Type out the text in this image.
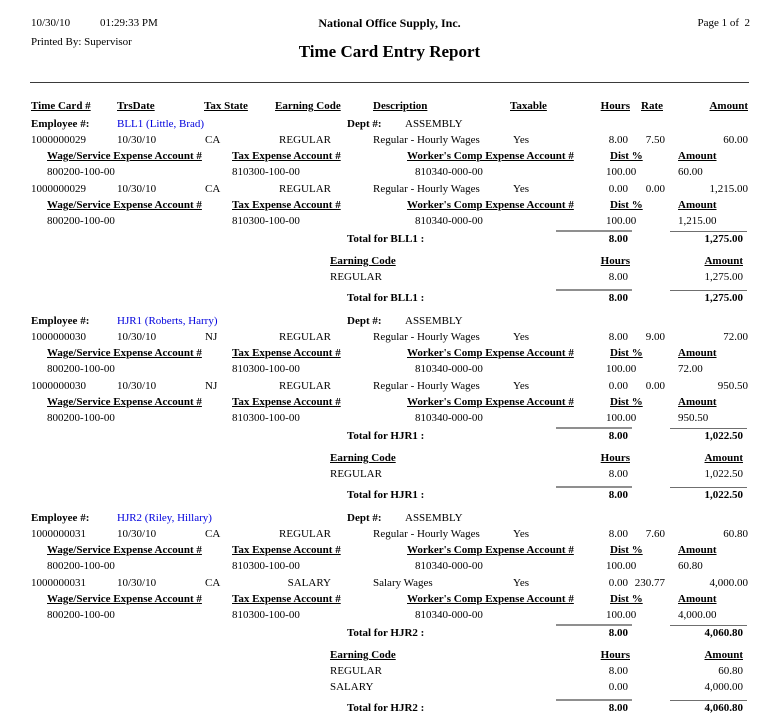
10/30/10	01:29:33 PM	National Office Supply, Inc.	Page 1 of  2
Printed By: Supervisor	Time Card Entry Report
Time Card # TrsDate	Tax State Earning Code	Description	Taxable	Hours Rate	Amount
Employee #:	BLL1 (Little, Brad)	Dept #: ASSEMBLY
1000000029	10/30/10	CA	REGULAR	Regular - Hourly Wages	Yes	8.00 7.50	60.00
Wage/Service Expense Account #	Tax Expense Account #	Worker's Comp Expense Account #	Dist %	Amount
800200-100-00	810300-100-00	810340-000-00	100.00	60.00
1000000029	10/30/10	CA	REGULAR	Regular - Hourly Wages	Yes	0.00 0.00	1,215.00
Wage/Service Expense Account #	Tax Expense Account #	Worker's Comp Expense Account #	Dist %	Amount
800200-100-00	810300-100-00	810340-000-00	100.00	1,215.00
Total for BLL1 :	8.00	1,275.00
Earning Code	Hours	Amount
REGULAR	8.00	1,275.00
Total for BLL1 :	8.00	1,275.00
Employee #:	HJR1 (Roberts, Harry)	Dept #: ASSEMBLY
1000000030	10/30/10	NJ	REGULAR	Regular - Hourly Wages	Yes	8.00 9.00	72.00
Wage/Service Expense Account #	Tax Expense Account #	Worker's Comp Expense Account #	Dist %	Amount
800200-100-00	810300-100-00	810340-000-00	100.00	72.00
1000000030	10/30/10	NJ	REGULAR	Regular - Hourly Wages	Yes	0.00 0.00	950.50
Wage/Service Expense Account #	Tax Expense Account #	Worker's Comp Expense Account #	Dist %	Amount
800200-100-00	810300-100-00	810340-000-00	100.00	950.50
Total for HJR1 :	8.00	1,022.50
Earning Code	Hours	Amount
REGULAR	8.00	1,022.50
Total for HJR1 :	8.00	1,022.50
Employee #:	HJR2 (Riley, Hillary)	Dept #: ASSEMBLY
1000000031	10/30/10	CA	REGULAR	Regular - Hourly Wages	Yes	8.00 7.60	60.80
Wage/Service Expense Account #	Tax Expense Account #	Worker's Comp Expense Account #	Dist %	Amount
800200-100-00	810300-100-00	810340-000-00	100.00	60.80
1000000031	10/30/10	CA	SALARY	Salary Wages	Yes	0.00 230.77	4,000.00
Wage/Service Expense Account #	Tax Expense Account #	Worker's Comp Expense Account #	Dist %	Amount
800200-100-00	810300-100-00	810340-000-00	100.00	4,000.00
Total for HJR2 :	8.00	4,060.80
Earning Code	Hours	Amount
REGULAR	8.00	60.80
SALARY	0.00	4,000.00
Total for HJR2 :	8.00	4,060.80
